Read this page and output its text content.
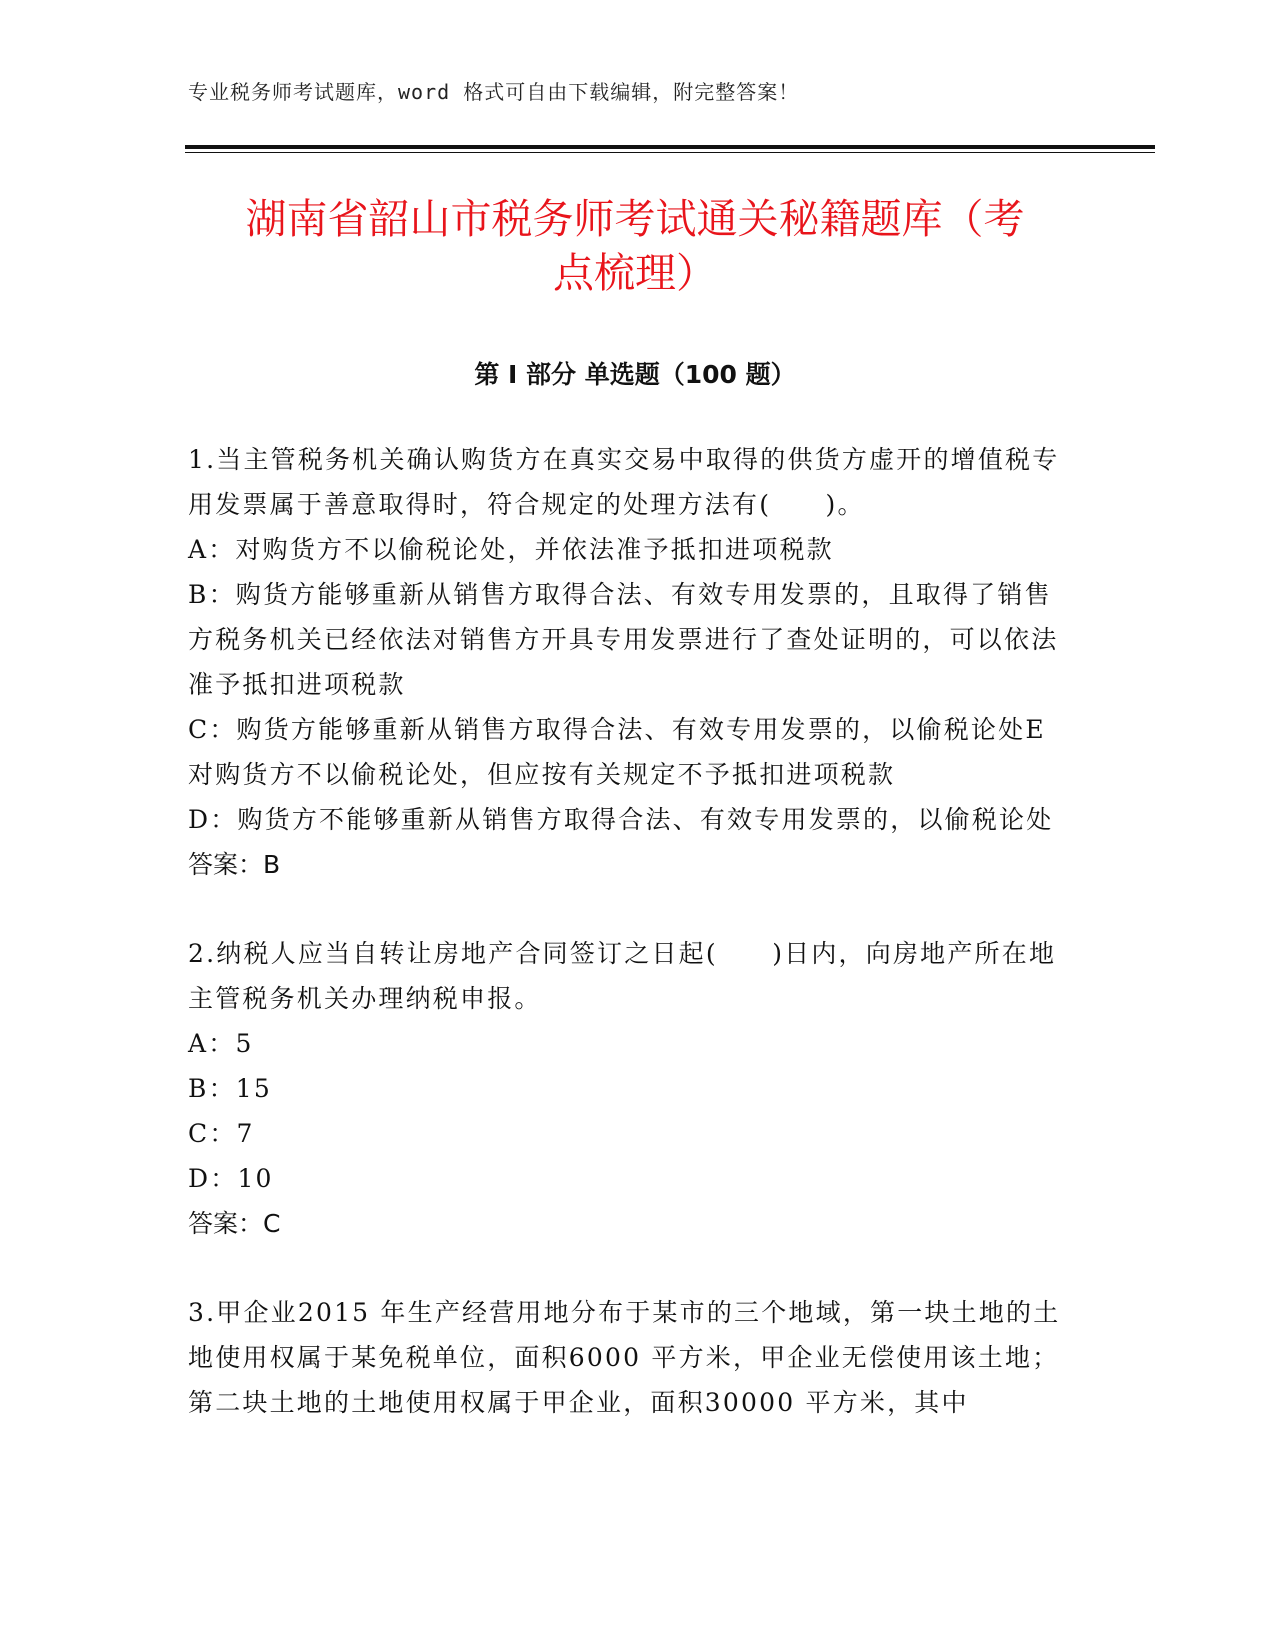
专业税务师考试题库，word 格式可自由下载编辑，附完整答案！
湖南省韶山市税务师考试通关秘籍题库（考
点梳理）
第 I 部分 单选题（100 题）

1.当主管税务机关确认购货方在真实交易中取得的供货方虚开的增值税专用发票属于善意取得时，符合规定的处理方法有(　　)。

A：对购货方不以偷税论处，并依法准予抵扣进项税款

B：购货方能够重新从销售方取得合法、有效专用发票的，且取得了销售方税务机关已经依法对销售方开具专用发票进行了查处证明的，可以依法准予抵扣进项税款

C：购货方能够重新从销售方取得合法、有效专用发票的，以偷税论处E 对购货方不以偷税论处，但应按有关规定不予抵扣进项税款

D：购货方不能够重新从销售方取得合法、有效专用发票的，以偷税论处

答案：B

2.纳税人应当自转让房地产合同签订之日起(　　)日内，向房地产所在地主管税务机关办理纳税申报。

A：5

B：15

C：7

D：10

答案：C

3.甲企业2015 年生产经营用地分布于某市的三个地域，第一块土地的土地使用权属于某免税单位，面积6000 平方米，甲企业无偿使用该土地；第二块土地的土地使用权属于甲企业，面积30000 平方米，其中
